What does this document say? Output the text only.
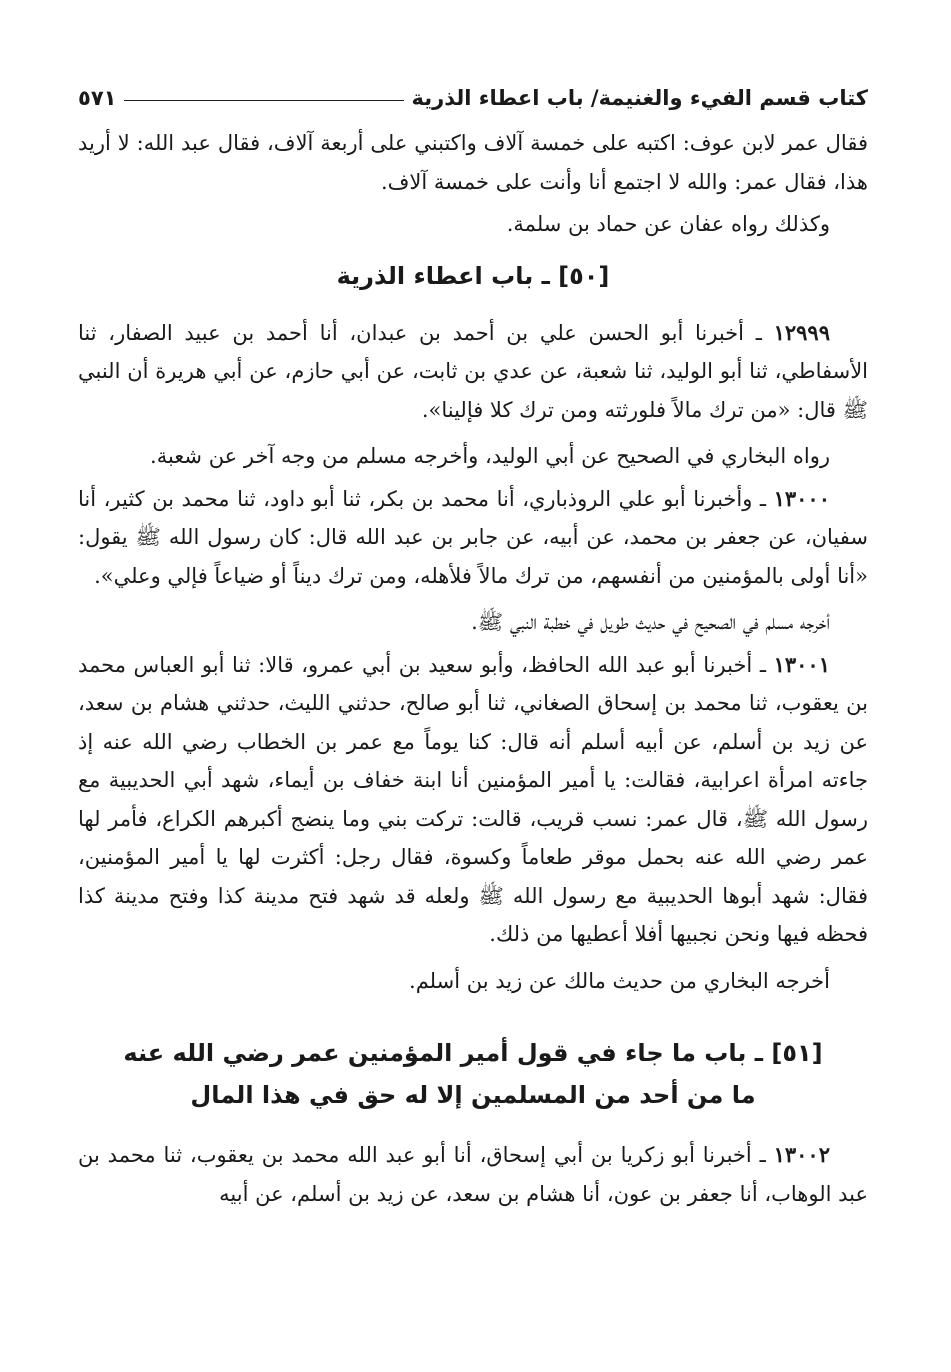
كتاب قسم الفيء والغنيمة/ باب اعطاء الذرية
٥٧١

فقال عمر لابن عوف: اكتبه على خمسة آلاف واكتبني على أربعة آلاف، فقال عبد الله: لا أريد هذا، فقال عمر: والله لا اجتمع أنا وأنت على خمسة آلاف.

وكذلك رواه عفان عن حماد بن سلمة.

[٥٠] ـ باب اعطاء الذرية

١٢٩٩٩ ـ أخبرنا أبو الحسن علي بن أحمد بن عبدان، أنا أحمد بن عبيد الصفار، ثنا الأسفاطي، ثنا أبو الوليد، ثنا شعبة، عن عدي بن ثابت، عن أبي حازم، عن أبي هريرة أن النبي ﷺ قال: «من ترك مالاً فلورثته ومن ترك كلا فإلينا».

رواه البخاري في الصحيح عن أبي الوليد، وأخرجه مسلم من وجه آخر عن شعبة.

١٣٠٠٠ ـ وأخبرنا أبو علي الروذباري، أنا محمد بن بكر، ثنا أبو داود، ثنا محمد بن كثير، أنا سفيان، عن جعفر بن محمد، عن أبيه، عن جابر بن عبد الله قال: كان رسول الله ﷺ يقول: «أنا أولى بالمؤمنين من أنفسهم، من ترك مالاً فلأهله، ومن ترك ديناً أو ضياعاً فإلي وعلي».

أخرجه مسلم في الصحيح في حديث طويل في خطبة النبي ﷺ.

١٣٠٠١ ـ أخبرنا أبو عبد الله الحافظ، وأبو سعيد بن أبي عمرو، قالا: ثنا أبو العباس محمد بن يعقوب، ثنا محمد بن إسحاق الصغاني، ثنا أبو صالح، حدثني الليث، حدثني هشام بن سعد، عن زيد بن أسلم، عن أبيه أسلم أنه قال: كنا يوماً مع عمر بن الخطاب رضي الله عنه إذ جاءته امرأة اعرابية، فقالت: يا أمير المؤمنين أنا ابنة خفاف بن أيماء، شهد أبي الحديبية مع رسول الله ﷺ، قال عمر: نسب قريب، قالت: تركت بني وما ينضج أكبرهم الكراع، فأمر لها عمر رضي الله عنه بحمل موقر طعاماً وكسوة، فقال رجل: أكثرت لها يا أمير المؤمنين، فقال: شهد أبوها الحديبية مع رسول الله ﷺ ولعله قد شهد فتح مدينة كذا وفتح مدينة كذا فحظه فيها ونحن نجبيها أفلا أعطيها من ذلك.

أخرجه البخاري من حديث مالك عن زيد بن أسلم.

[٥١] ـ باب ما جاء في قول أمير المؤمنين عمر رضي الله عنه
ما من أحد من المسلمين إلا له حق في هذا المال

١٣٠٠٢ ـ أخبرنا أبو زكريا بن أبي إسحاق، أنا أبو عبد الله محمد بن يعقوب، ثنا محمد بن عبد الوهاب، أنا جعفر بن عون، أنا هشام بن سعد، عن زيد بن أسلم، عن أبيه
